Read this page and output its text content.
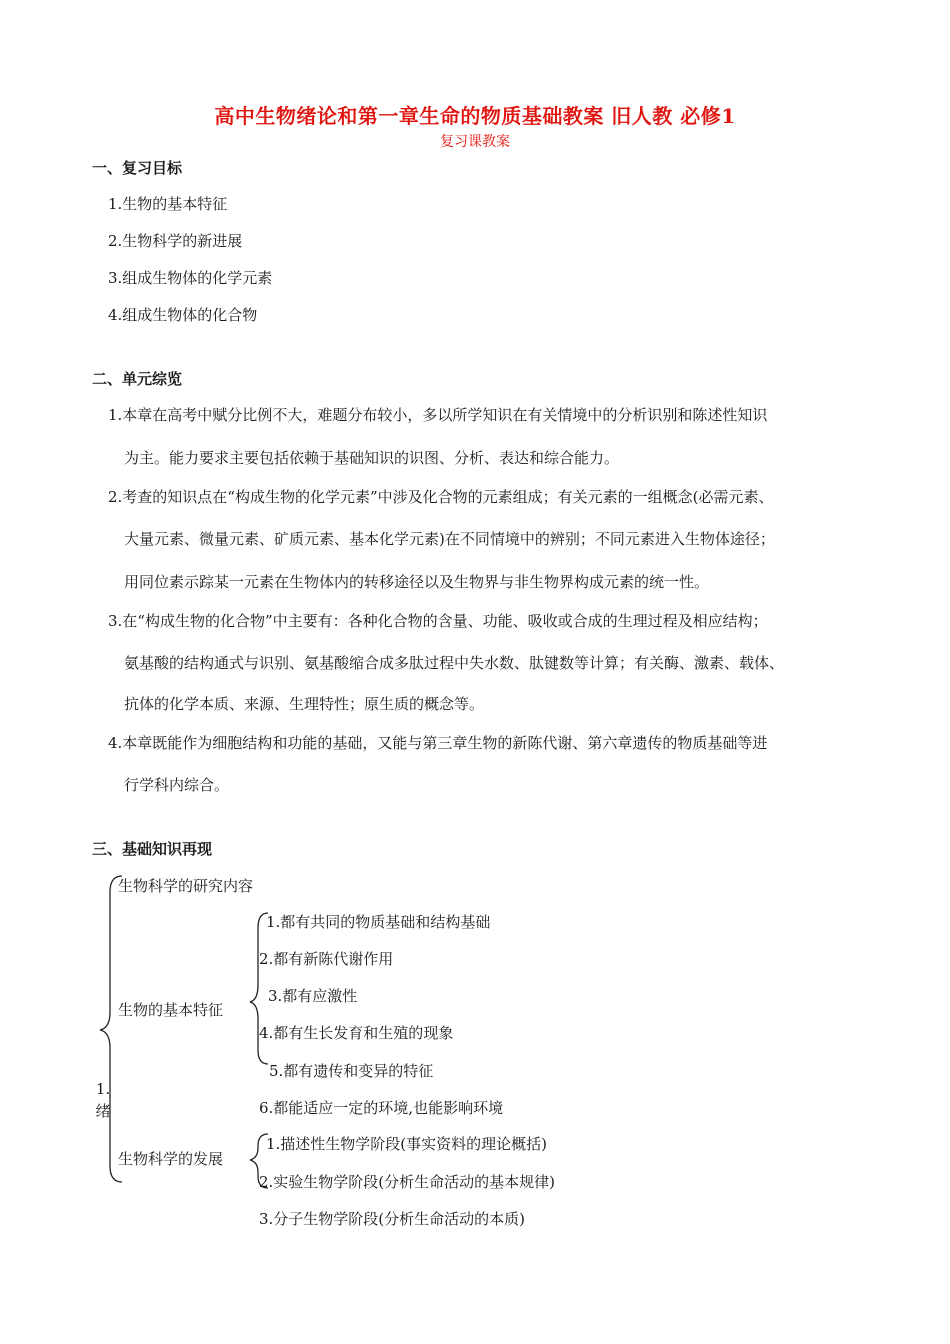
高中生物绪论和第一章生命的物质基础教案 旧人教 必修1
复习课教案
一、复习目标
1.生物的基本特征
2.生物科学的新进展
3.组成生物体的化学元素
4.组成生物体的化合物
二、单元综览
1.本章在高考中赋分比例不大，难题分布较小，多以所学知识在有关情境中的分析识别和陈述性知识
为主。能力要求主要包括依赖于基础知识的识图、分析、表达和综合能力。
2.考查的知识点在“构成生物的化学元素”中涉及化合物的元素组成；有关元素的一组概念(必需元素、
大量元素、微量元素、矿质元素、基本化学元素)在不同情境中的辨别；不同元素进入生物体途径；
用同位素示踪某一元素在生物体内的转移途径以及生物界与非生物界构成元素的统一性。
3.在“构成生物的化合物”中主要有：各种化合物的含量、功能、吸收或合成的生理过程及相应结构；
氨基酸的结构通式与识别、氨基酸缩合成多肽过程中失水数、肽键数等计算；有关酶、激素、载体、
抗体的化学本质、来源、生理特性；原生质的概念等。
4.本章既能作为细胞结构和功能的基础，又能与第三章生物的新陈代谢、第六章遗传的物质基础等进
行学科内综合。
三、基础知识再现
1.
绪
生物科学的研究内容
生物的基本特征
生物科学的发展
1.都有共同的物质基础和结构基础
2.都有新陈代谢作用
3.都有应激性
4.都有生长发育和生殖的现象
5.都有遗传和变异的特征
6.都能适应一定的环境,也能影响环境
1.描述性生物学阶段(事实资料的理论概括)
2.实验生物学阶段(分析生命活动的基本规律)
3.分子生物学阶段(分析生命活动的本质)
